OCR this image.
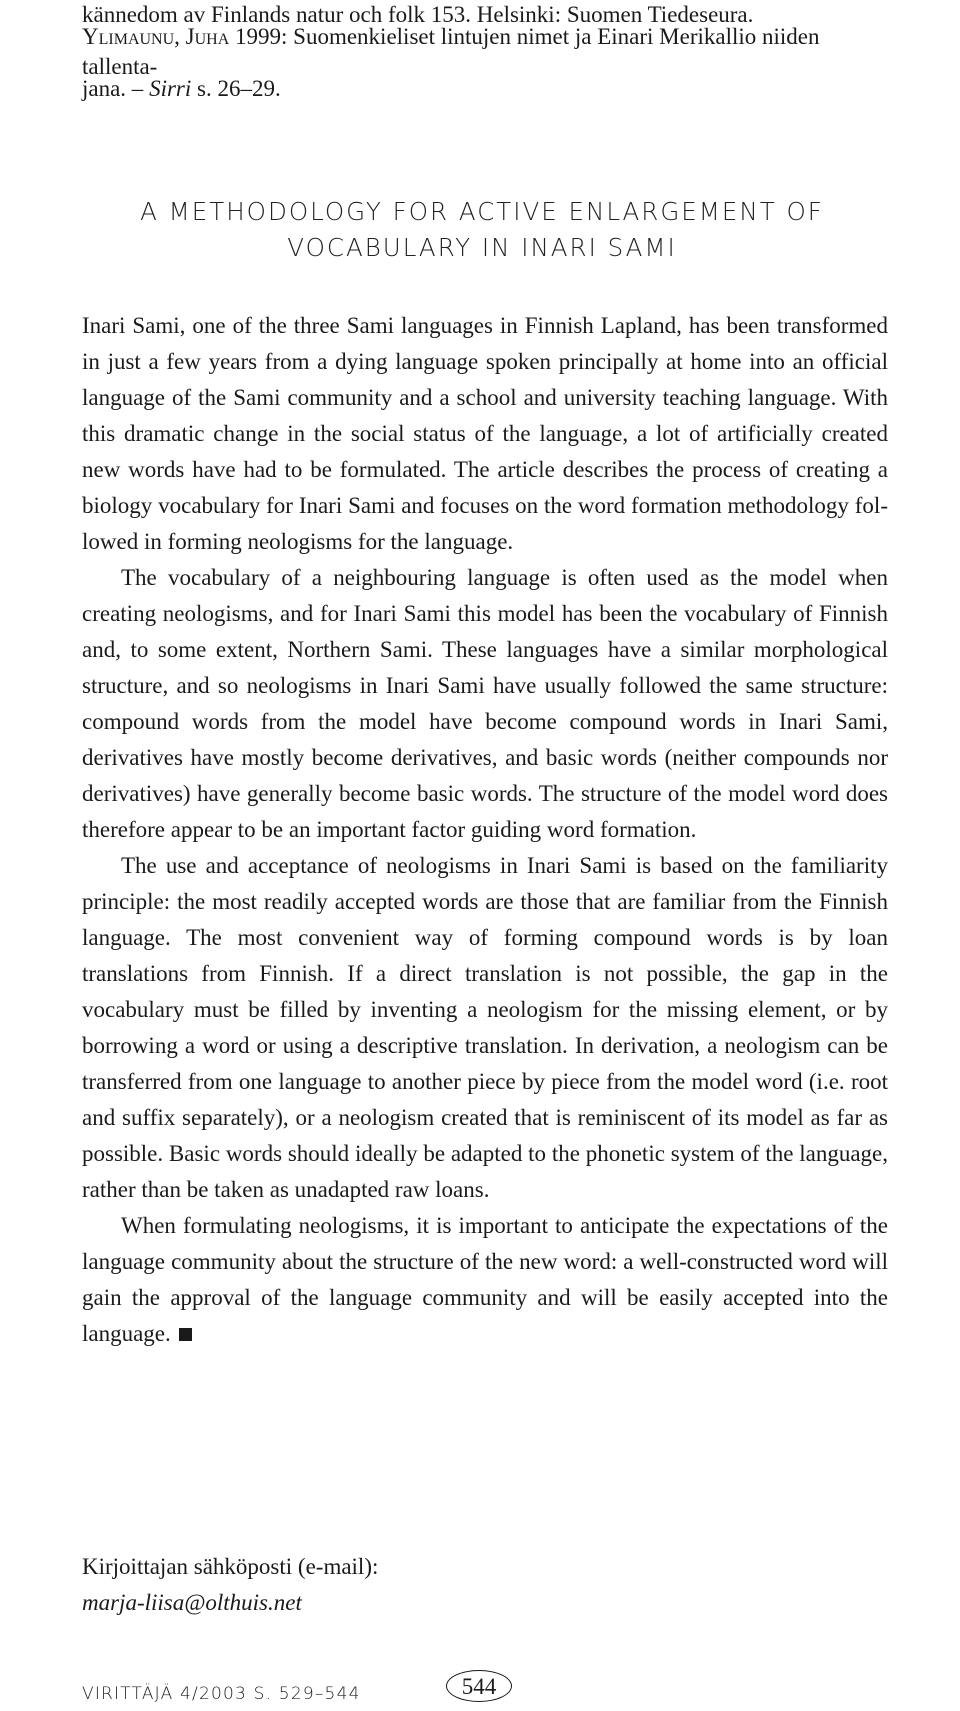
kännedom av Finlands natur och folk 153. Helsinki: Suomen Tiedeseura.

Ylimaunu, Juha 1999: Suomenkieliset lintujen nimet ja Einari Merikallio niiden tallenta-

jana. – Sirri s. 26–29.

A METHODOLOGY FOR ACTIVE ENLARGEMENT OF
VOCABULARY IN INARI SAMI

Inari Sami, one of the three Sami languages in Finnish Lapland, has been transformed in just a few years from a dying language spoken principally at home into an official language of the Sami community and a school and university teaching language. With this dramatic change in the social status of the language, a lot of artificially created new words have had to be formulated. The article describes the process of creating a biology vocabulary for Inari Sami and focuses on the word formation methodology followed in forming neologisms for the language.

The vocabulary of a neighbouring language is often used as the model when creating neologisms, and for Inari Sami this model has been the vocabulary of Finnish and, to some extent, Northern Sami. These languages have a similar morphological structure, and so neologisms in Inari Sami have usually followed the same structure: compound words from the model have become compound words in Inari Sami, derivatives have mostly become derivatives, and basic words (neither compounds nor derivatives) have generally become basic words. The structure of the model word does therefore appear to be an important factor guiding word formation.

The use and acceptance of neologisms in Inari Sami is based on the familiarity principle: the most readily accepted words are those that are familiar from the Finnish language. The most convenient way of forming compound words is by loan translations from Finnish. If a direct translation is not possible, the gap in the vocabulary must be filled by inventing a neologism for the missing element, or by borrowing a word or using a descriptive translation. In derivation, a neologism can be transferred from one language to another piece by piece from the model word (i.e. root and suffix separately), or a neologism created that is reminiscent of its model as far as possible. Basic words should ideally be adapted to the phonetic system of the language, rather than be taken as unadapted raw loans.

When formulating neologisms, it is important to anticipate the expectations of the language community about the structure of the new word: a well-constructed word will gain the approval of the language community and will be easily accepted into the language.

Kirjoittajan sähköposti (e-mail):
marja-liisa@olthuis.net
VIRITTÄJÄ 4/2003 S. 529–544	544
